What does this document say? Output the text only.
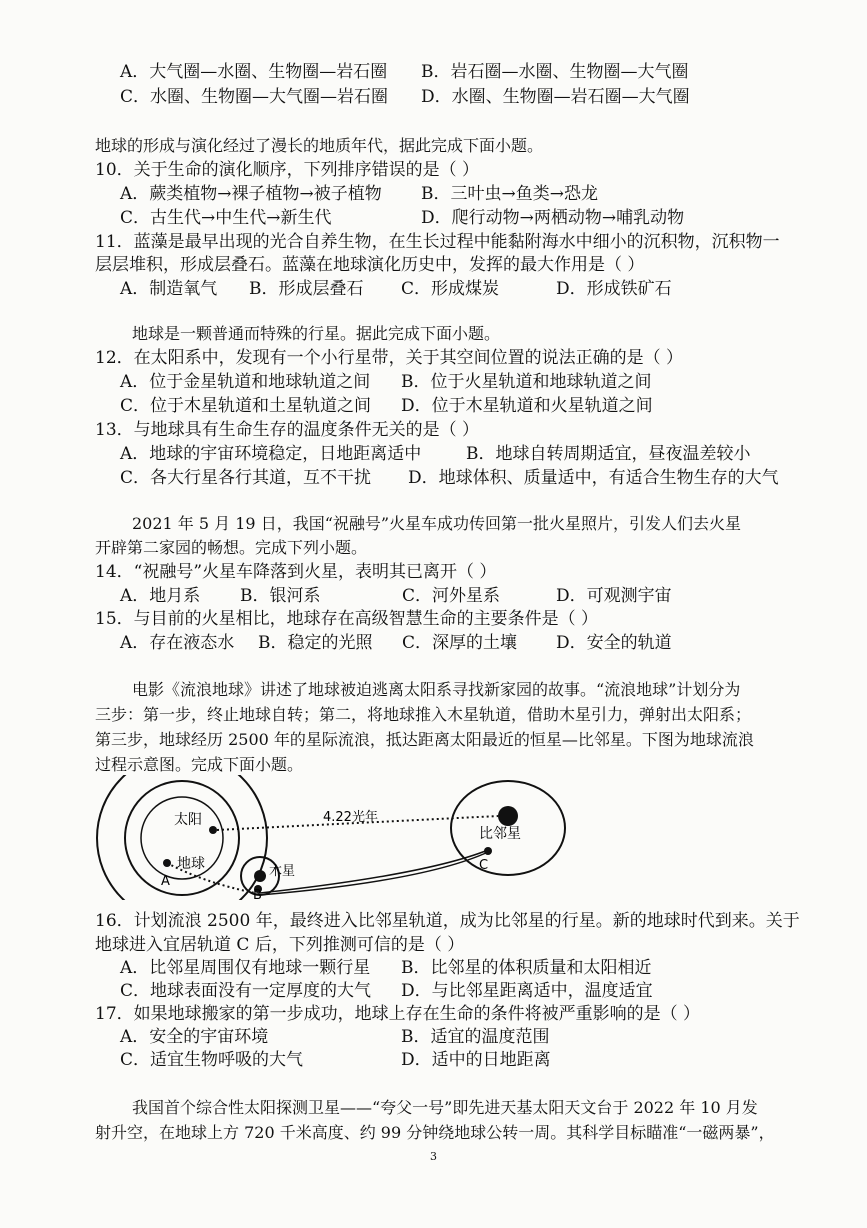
A．大气圈—水圈、生物圈—岩石圈 B．岩石圈—水圈、生物圈—大气圈
C．水圈、生物圈—大气圈—岩石圈 D．水圈、生物圈—岩石圈—大气圈
地球的形成与演化经过了漫长的地质年代，据此完成下面小题。
10．关于生命的演化顺序，下列排序错误的是（ ）
A．蕨类植物→裸子植物→被子植物 B．三叶虫→鱼类→恐龙
C．古生代→中生代→新生代	D．爬行动物→两栖动物→哺乳动物
11．蓝藻是最早出现的光合自养生物，在生长过程中能黏附海水中细小的沉积物，沉积物一
层层堆积，形成层叠石。蓝藻在地球演化历史中，发挥的最大作用是（ ）
A．制造氧气 B．形成层叠石 C．形成煤炭	D．形成铁矿石
地球是一颗普通而特殊的行星。据此完成下面小题。
12．在太阳系中，发现有一个小行星带，关于其空间位置的说法正确的是（ ）
A．位于金星轨道和地球轨道之间 B．位于火星轨道和地球轨道之间
C．位于木星轨道和土星轨道之间 D．位于木星轨道和火星轨道之间
13．与地球具有生命生存的温度条件无关的是（ ）
A．地球的宇宙环境稳定，日地距离适中	B．地球自转周期适宜，昼夜温差较小
C．各大行星各行其道，互不干扰 D．地球体积、质量适中，有适合生物生存的大气
2021 年 5 月 19 日，我国“祝融号”火星车成功传回第一批火星照片，引发人们去火星
开辟第二家园的畅想。完成下列小题。
14．“祝融号”火星车降落到火星，表明其已离开（ ）
A．地月系 B．银河系	C．河外星系	D．可观测宇宙
15．与目前的火星相比，地球存在高级智慧生命的主要条件是（ ）
A．存在液态水 B．稳定的光照 C．深厚的土壤 D．安全的轨道
电影《流浪地球》讲述了地球被迫逃离太阳系寻找新家园的故事。“流浪地球”计划分为
三步：第一步，终止地球自转；第二，将地球推入木星轨道，借助木星引力，弹射出太阳系；
第三步，地球经历 2500 年的星际流浪，抵达距离太阳最近的恒星—比邻星。下图为地球流浪
过程示意图。完成下面小题。
太阳
地球	木星
比邻星
4.22光年
A
B
C
16．计划流浪 2500 年，最终进入比邻星轨道，成为比邻星的行星。新的地球时代到来。关于
地球进入宜居轨道 C 后，下列推测可信的是（ ）
A．比邻星周围仅有地球一颗行星 B．比邻星的体积质量和太阳相近
C．地球表面没有一定厚度的大气 D．与比邻星距离适中，温度适宜
17．如果地球搬家的第一步成功，地球上存在生命的条件将被严重影响的是（ ）
A．安全的宇宙环境	B．适宜的温度范围
C．适宜生物呼吸的大气	D．适中的日地距离
我国首个综合性太阳探测卫星——“夸父一号”即先进天基太阳天文台于 2022 年 10 月发
射升空，在地球上方 720 千米高度、约 99 分钟绕地球公转一周。其科学目标瞄准“一磁两暴”，
3
